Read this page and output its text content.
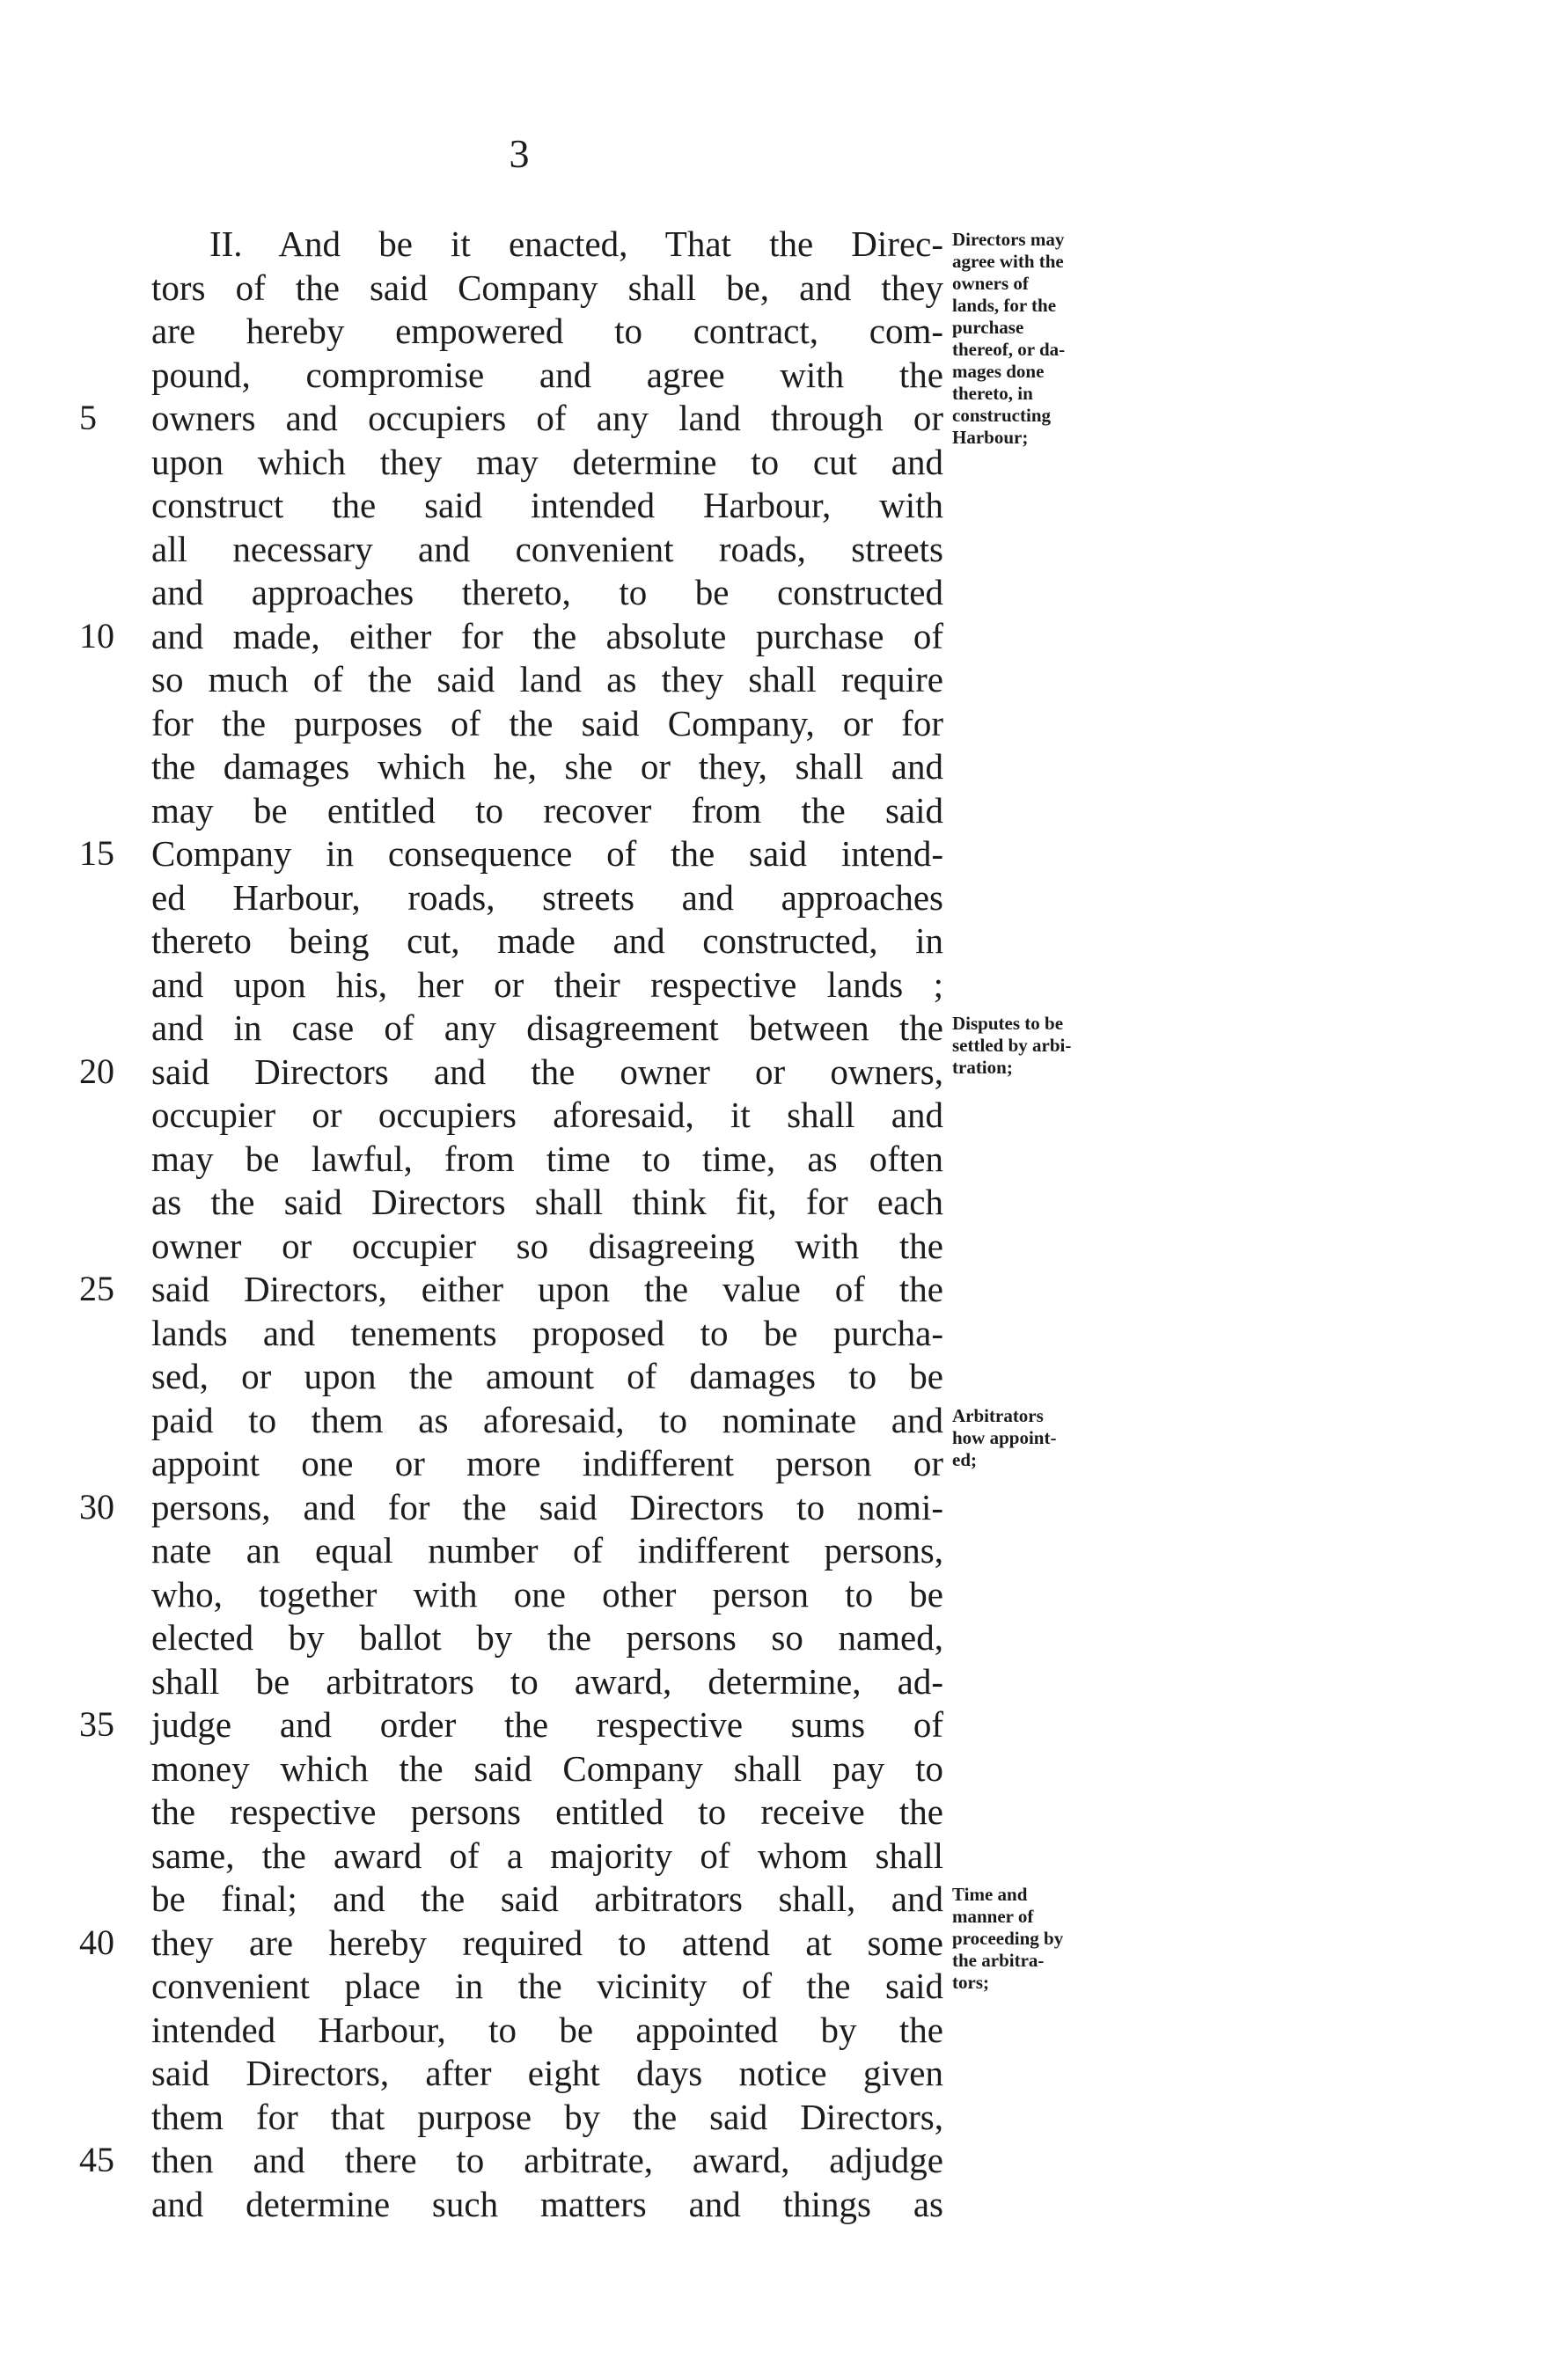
3
II. And be it enacted, That the Direc-
tors of the said Company shall be, and they
are hereby empowered to contract, com-
pound, compromise and agree with the
5	owners and occupiers of any land through or
upon which they may determine to cut and
construct the said intended Harbour, with
all necessary and convenient roads, streets
and approaches thereto, to be constructed
10	and made, either for the absolute purchase of
so much of the said land as they shall require
for the purposes of the said Company, or for
the damages which he, she or they, shall and
may be entitled to recover from the said
15	Company in consequence of the said intend-
ed Harbour, roads, streets and approaches
thereto being cut, made and constructed, in
and upon his, her or their respective lands ;
and in case of any disagreement between the
20	said Directors and the owner or owners,
occupier or occupiers aforesaid, it shall and
may be lawful, from time to time, as often
as the said Directors shall think fit, for each
owner or occupier so disagreeing with the
25	said Directors, either upon the value of the
lands and tenements proposed to be purcha-
sed, or upon the amount of damages to be
paid to them as aforesaid, to nominate and
appoint one or more indifferent person or
30	persons, and for the said Directors to nomi-
nate an equal number of indifferent persons,
who, together with one other person to be
elected by ballot by the persons so named,
shall be arbitrators to award, determine, ad-
35	judge and order the respective sums of
money which the said Company shall pay to
the respective persons entitled to receive the
same, the award of a majority of whom shall
be final; and the said arbitrators shall, and
40	they are hereby required to attend at some
convenient place in the vicinity of the said
intended Harbour, to be appointed by the
said Directors, after eight days notice given
them for that purpose by the said Directors,
45	then and there to arbitrate, award, adjudge
and determine such matters and things as
Directors may
agree with the
owners of
lands, for the
purchase
thereof, or da-
mages done
thereto, in
constructing
Harbour;
Disputes to be
settled by arbi-
tration;
Arbitrators
how appoint-
ed;
Time and
manner of
proceeding by
the arbitra-
tors;
